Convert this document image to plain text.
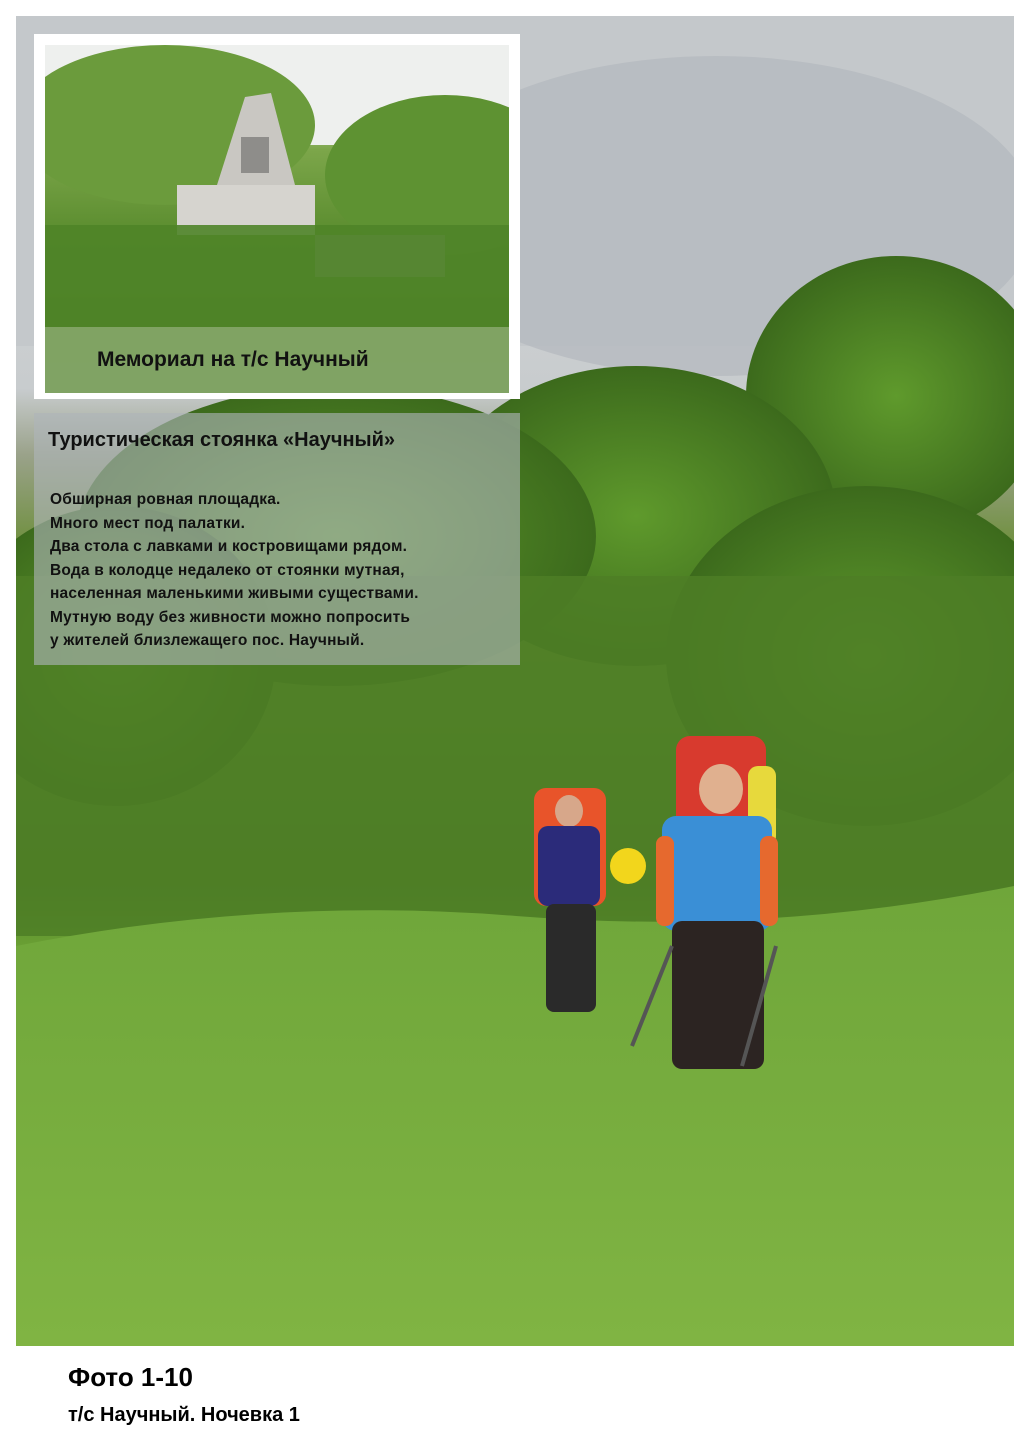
Мемориал на т/с Научный
Туристическая стоянка «Научный»
Обширная ровная площадка.
Много мест под палатки.
Два стола с лавками и костровищами рядом.
Вода в колодце недалеко от стоянки мутная,
населенная маленькими живыми существами.
Мутную воду без живности можно попросить
у жителей близлежащего пос. Научный.
Фото 1-10
т/с Научный. Ночевка 1
